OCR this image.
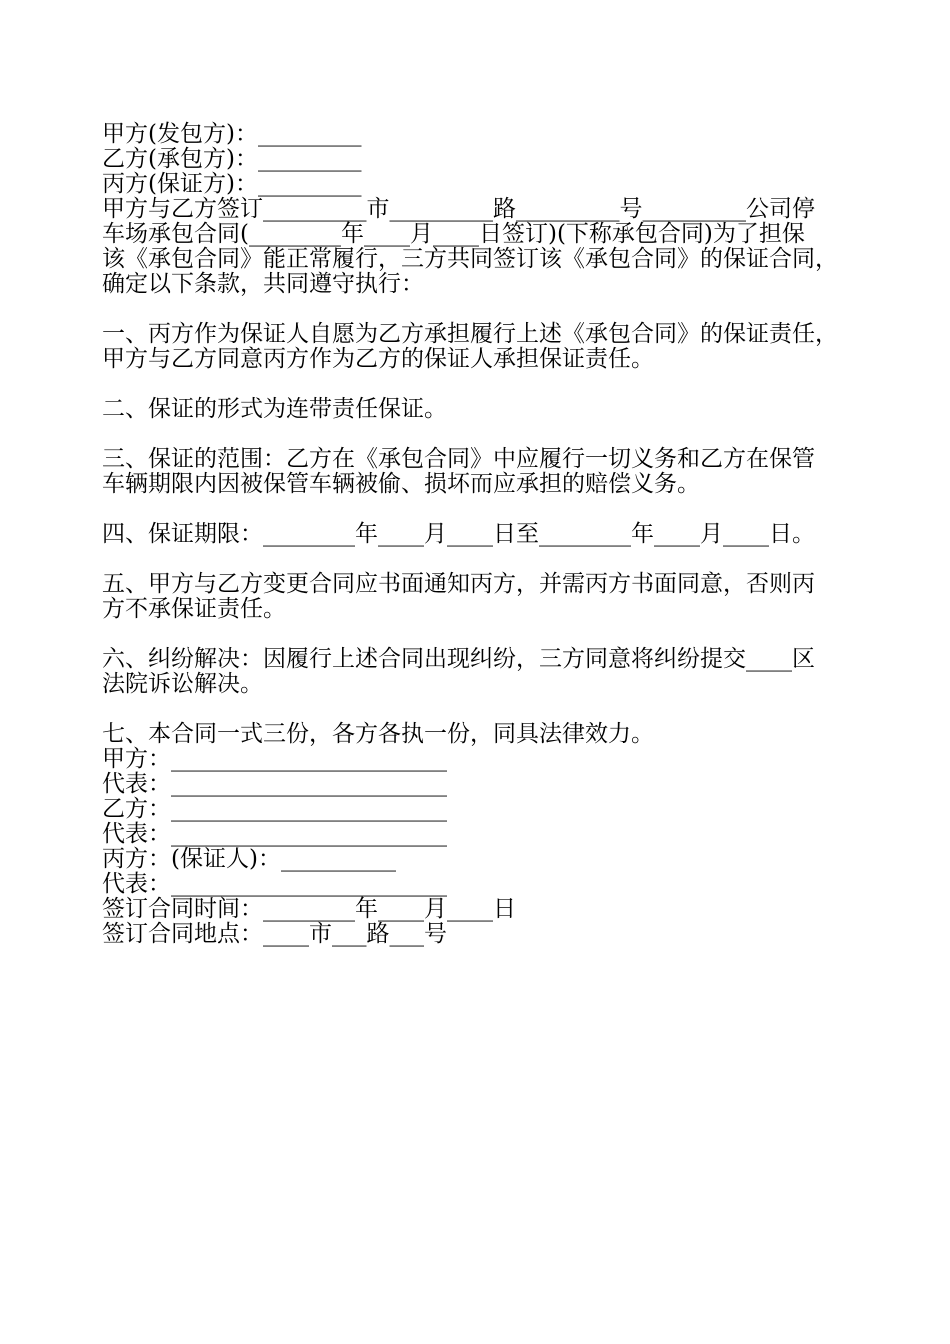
甲方(发包方)：_________
乙方(承包方)：_________
丙方(保证方)：_________
甲方与乙方签订_________市_________路_________号_________公司停
车场承包合同(________年____月____日签订)(下称承包合同)为了担保
该《承包合同》能正常履行，三方共同签订该《承包合同》的保证合同，
确定以下条款，共同遵守执行：
一、丙方作为保证人自愿为乙方承担履行上述《承包合同》的保证责任，
甲方与乙方同意丙方作为乙方的保证人承担保证责任。
二、保证的形式为连带责任保证。
三、保证的范围：乙方在《承包合同》中应履行一切义务和乙方在保管
车辆期限内因被保管车辆被偷、损坏而应承担的赔偿义务。
四、保证期限：________年____月____日至________年____月____日。
五、甲方与乙方变更合同应书面通知丙方，并需丙方书面同意，否则丙
方不承保证责任。
六、纠纷解决：因履行上述合同出现纠纷，三方同意将纠纷提交____区
法院诉讼解决。
七、本合同一式三份，各方各执一份，同具法律效力。
甲方：________________________
代表：________________________
乙方：________________________
代表：________________________
丙方：(保证人)：__________
代表：________________________
签订合同时间：________年____月____日
签订合同地点：____市___路___号
